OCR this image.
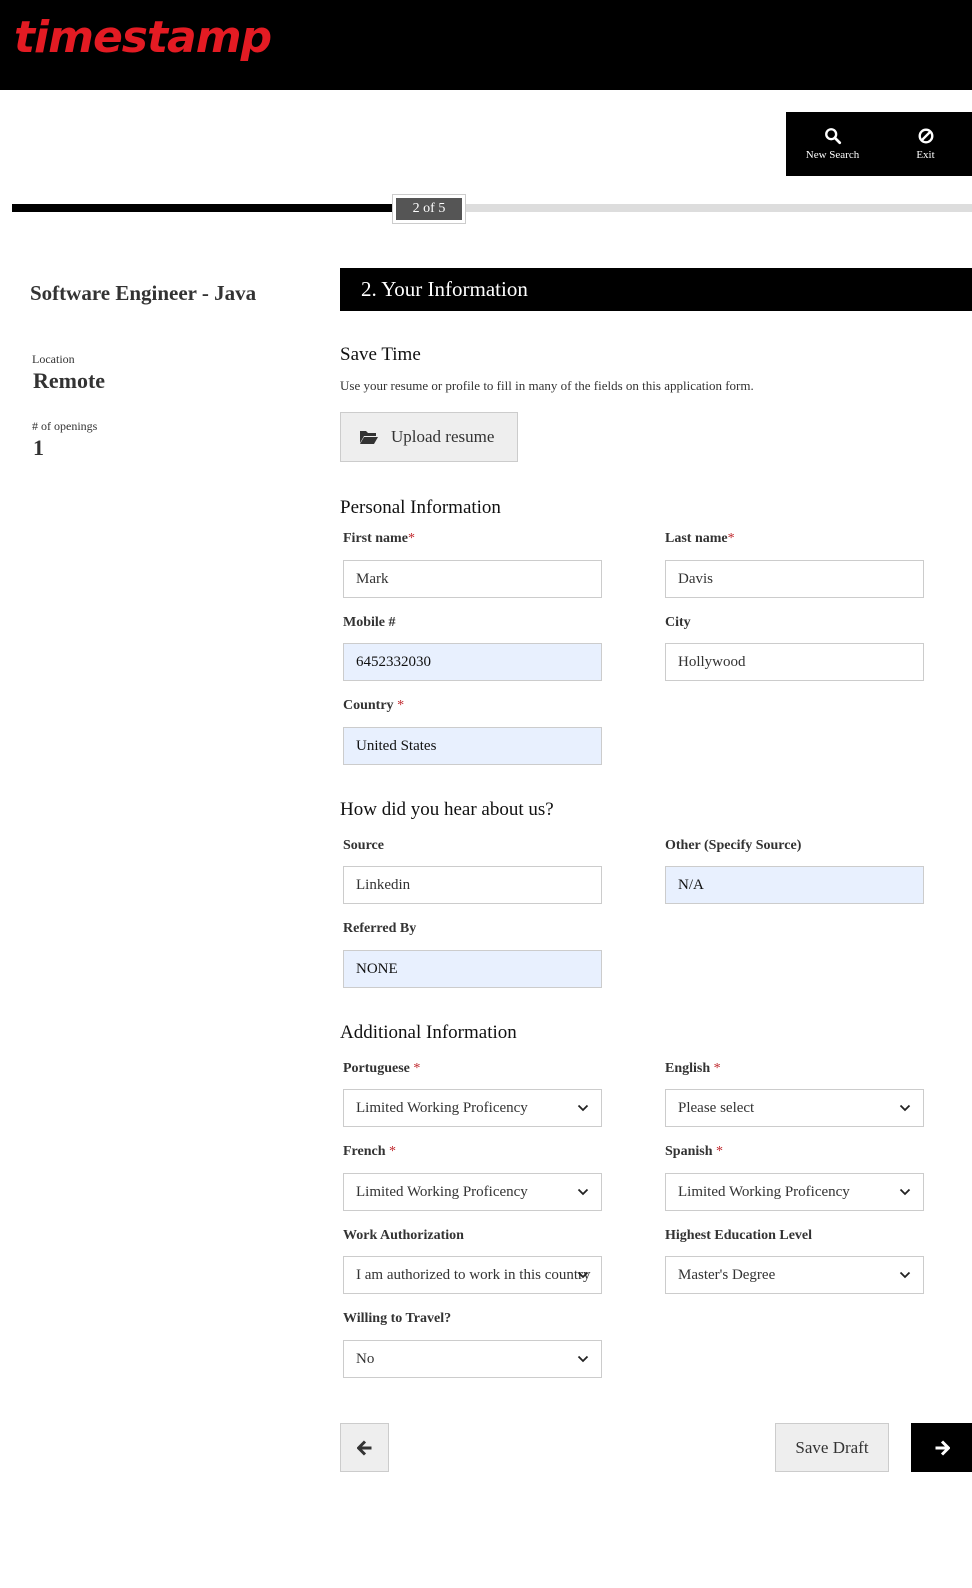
timestamp
New Search	Exit
2 of 5
Software Engineer - Java
Location
Remote
# of openings
1
2. Your Information
Save Time
Use your resume or profile to fill in many of the fields on this application form.
Upload resume
Personal Information
First name*
Mark
Last name*
Davis
Mobile #
6452332030
City
Hollywood
Country *
United States
How did you hear about us?
Source
Linkedin
Other (Specify Source)
N/A
Referred By
NONE
Additional Information
Portuguese *
Limited Working Proficency
English *
Please select
French *
Limited Working Proficency
Spanish *
Limited Working Proficency
Work Authorization
I am authorized to work in this country
Highest Education Level
Master's Degree
Willing to Travel?
No
Save Draft
